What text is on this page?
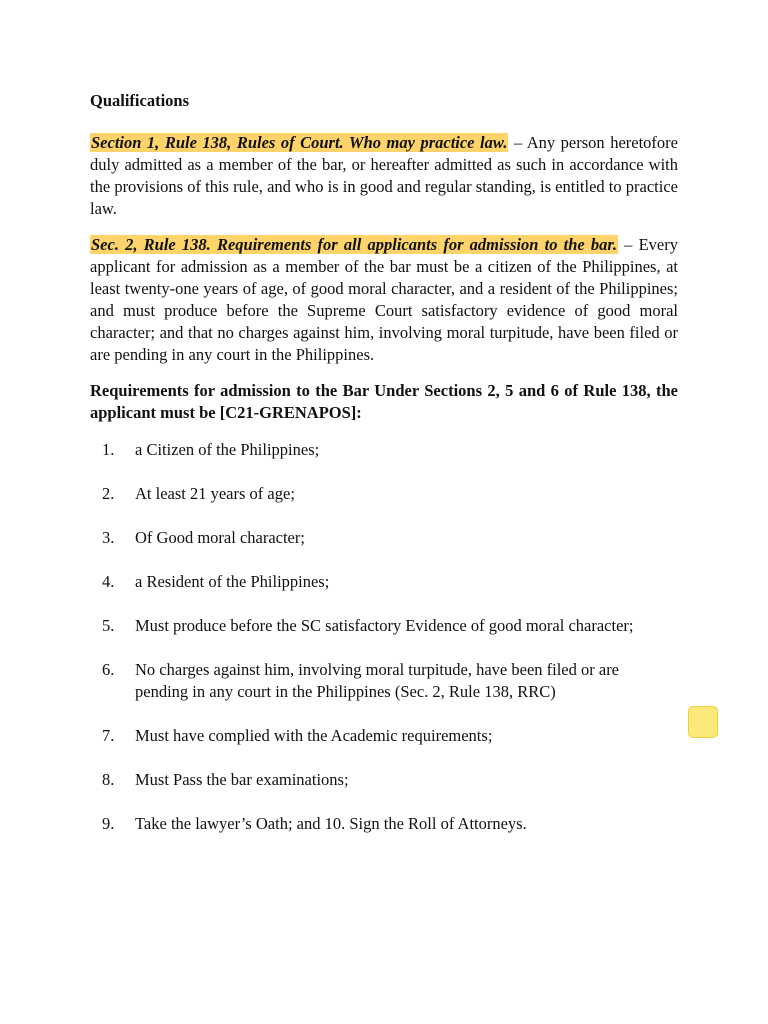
Qualifications

Section 1, Rule 138, Rules of Court. Who may practice law. – Any person heretofore duly admitted as a member of the bar, or hereafter admitted as such in accordance with the provisions of this rule, and who is in good and regular standing, is entitled to practice law.

Sec. 2, Rule 138. Requirements for all applicants for admission to the bar. – Every applicant for admission as a member of the bar must be a citizen of the Philippines, at least twenty-one years of age, of good moral character, and a resident of the Philippines; and must produce before the Supreme Court satisfactory evidence of good moral character; and that no charges against him, involving moral turpitude, have been filed or are pending in any court in the Philippines.

Requirements for admission to the Bar Under Sections 2, 5 and 6 of Rule 138, the applicant must be [C21-GRENAPOS]:

1. a Citizen of the Philippines;
2. At least 21 years of age;
3. Of Good moral character;
4. a Resident of the Philippines;
5. Must produce before the SC satisfactory Evidence of good moral character;
6. No charges against him, involving moral turpitude, have been filed or are
pending in any court in the Philippines (Sec. 2, Rule 138, RRC)
7. Must have complied with the Academic requirements;
8. Must Pass the bar examinations;
9. Take the lawyer’s Oath; and 10. Sign the Roll of Attorneys.
